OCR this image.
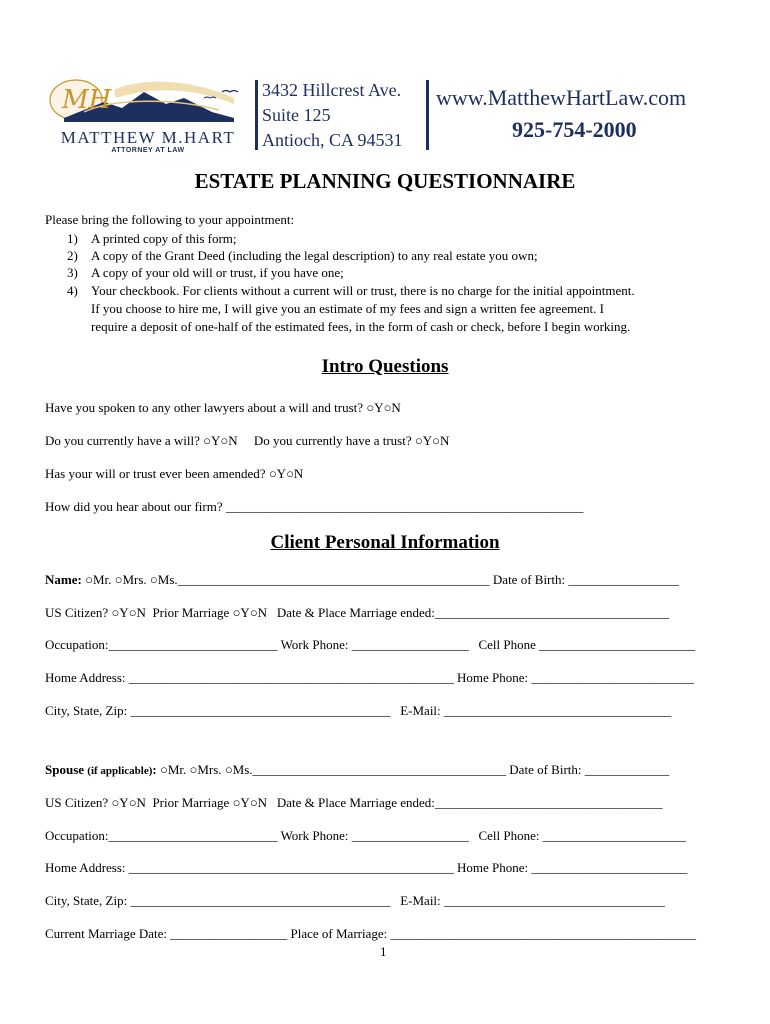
MH
MATTHEW M.HART
ATTORNEY AT LAW
3432 Hillcrest Ave.
Suite 125
Antioch, CA 94531
www.MatthewHartLaw.com
925-754-2000
ESTATE PLANNING QUESTIONNAIRE
Please bring the following to your appointment:
1) A printed copy of this form;
2) A copy of the Grant Deed (including the legal description) to any real estate you own;
3) A copy of your old will or trust, if you have one;
4) Your checkbook. For clients without a current will or trust, there is no charge for the initial appointment.
If you choose to hire me, I will give you an estimate of my fees and sign a written fee agreement. I
require a deposit of one-half of the estimated fees, in the form of cash or check, before I begin working.
Intro Questions
Have you spoken to any other lawyers about a will and trust? ○Y○N
Do you currently have a will? ○Y○N Do you currently have a trust? ○Y○N
Has your will or trust ever been amended? ○Y○N
How did you hear about our firm? _______________________________________________________
Client Personal Information
Name: ○Mr. ○Mrs. ○Ms.________________________________________________ Date of Birth: _________________
US Citizen? ○Y○N Prior Marriage ○Y○N Date & Place Marriage ended:____________________________________
Occupation:__________________________ Work Phone: __________________ Cell Phone ________________________
Home Address: __________________________________________________ Home Phone: _________________________
City, State, Zip: ________________________________________ E-Mail: ___________________________________
Spouse (if applicable): ○Mr. ○Mrs. ○Ms._______________________________________ Date of Birth: _____________
US Citizen? ○Y○N Prior Marriage ○Y○N Date & Place Marriage ended:___________________________________
Occupation:__________________________ Work Phone: __________________ Cell Phone: ______________________
Home Address: __________________________________________________ Home Phone: ________________________
City, State, Zip: ________________________________________ E-Mail: __________________________________
Current Marriage Date: __________________ Place of Marriage: _______________________________________________
1
